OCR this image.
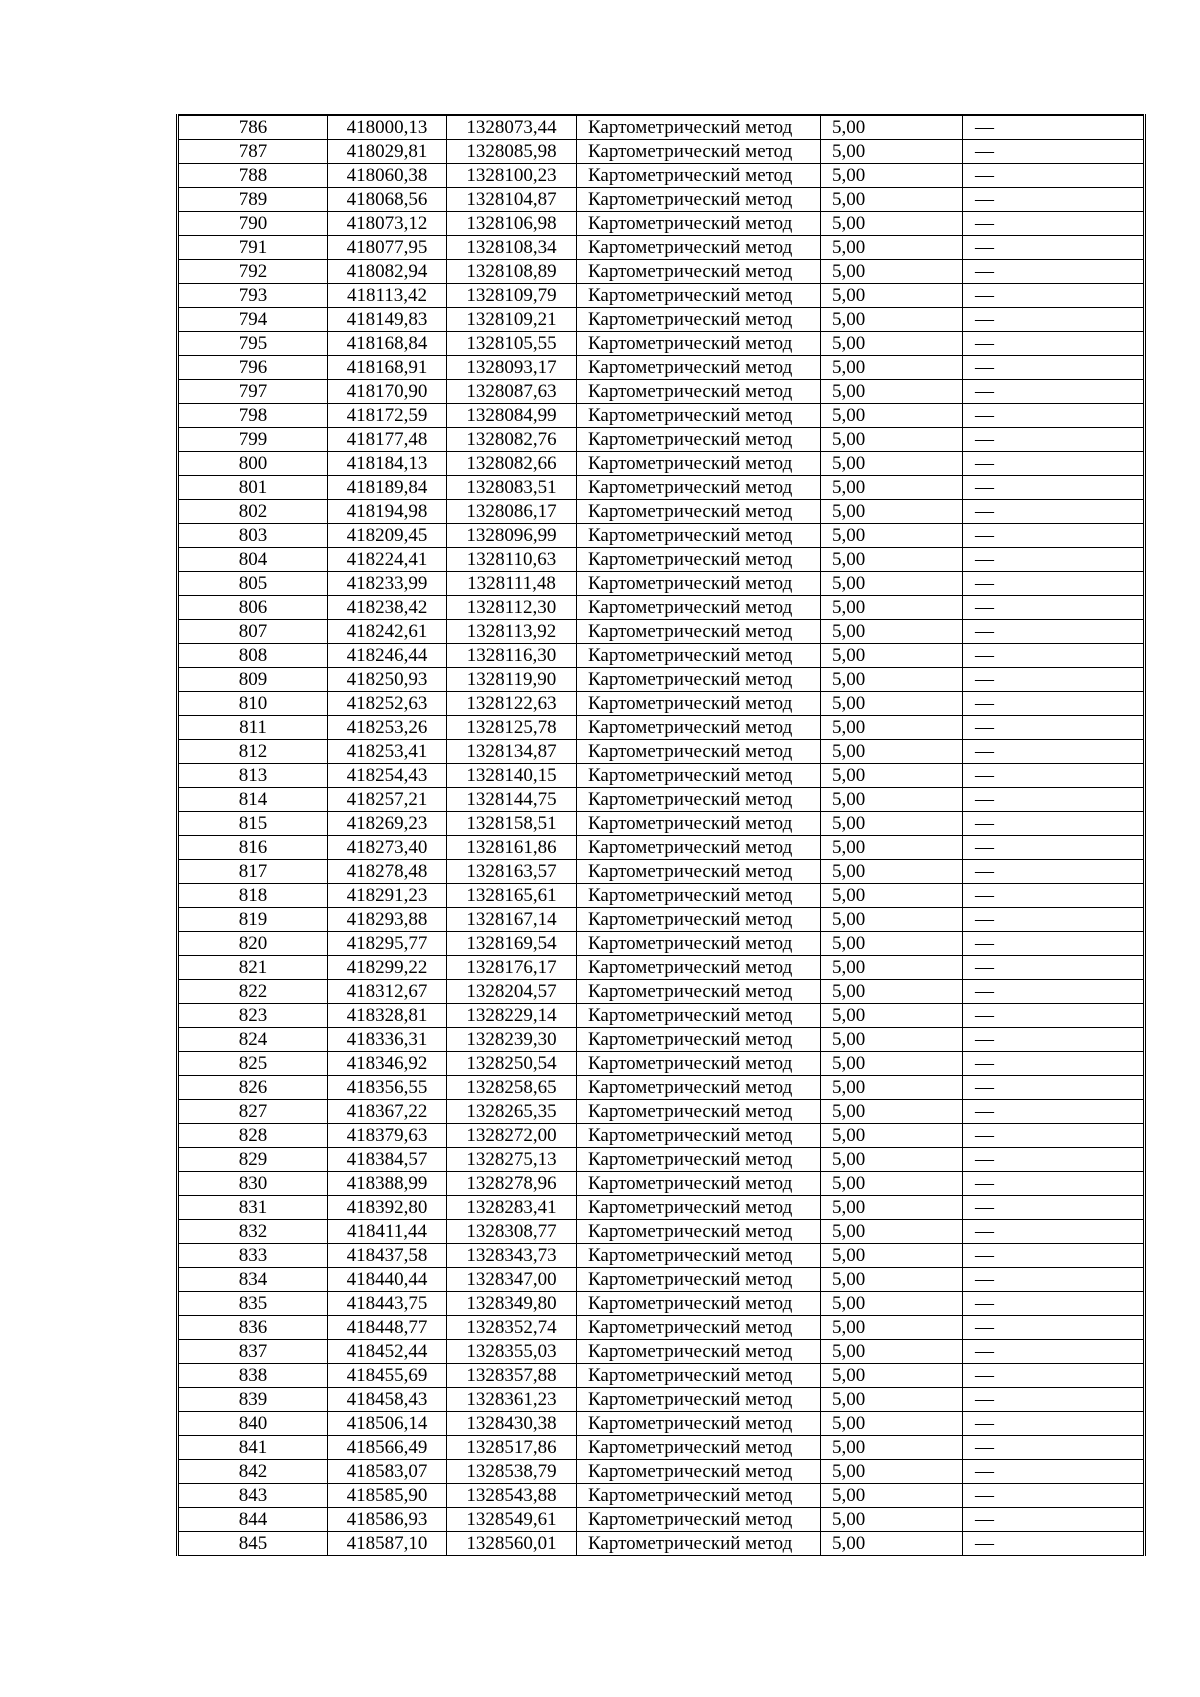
786	418000,13	1328073,44	Картометрический метод	5,00	—
787	418029,81	1328085,98	Картометрический метод	5,00	—
788	418060,38	1328100,23	Картометрический метод	5,00	—
789	418068,56	1328104,87	Картометрический метод	5,00	—
790	418073,12	1328106,98	Картометрический метод	5,00	—
791	418077,95	1328108,34	Картометрический метод	5,00	—
792	418082,94	1328108,89	Картометрический метод	5,00	—
793	418113,42	1328109,79	Картометрический метод	5,00	—
794	418149,83	1328109,21	Картометрический метод	5,00	—
795	418168,84	1328105,55	Картометрический метод	5,00	—
796	418168,91	1328093,17	Картометрический метод	5,00	—
797	418170,90	1328087,63	Картометрический метод	5,00	—
798	418172,59	1328084,99	Картометрический метод	5,00	—
799	418177,48	1328082,76	Картометрический метод	5,00	—
800	418184,13	1328082,66	Картометрический метод	5,00	—
801	418189,84	1328083,51	Картометрический метод	5,00	—
802	418194,98	1328086,17	Картометрический метод	5,00	—
803	418209,45	1328096,99	Картометрический метод	5,00	—
804	418224,41	1328110,63	Картометрический метод	5,00	—
805	418233,99	1328111,48	Картометрический метод	5,00	—
806	418238,42	1328112,30	Картометрический метод	5,00	—
807	418242,61	1328113,92	Картометрический метод	5,00	—
808	418246,44	1328116,30	Картометрический метод	5,00	—
809	418250,93	1328119,90	Картометрический метод	5,00	—
810	418252,63	1328122,63	Картометрический метод	5,00	—
811	418253,26	1328125,78	Картометрический метод	5,00	—
812	418253,41	1328134,87	Картометрический метод	5,00	—
813	418254,43	1328140,15	Картометрический метод	5,00	—
814	418257,21	1328144,75	Картометрический метод	5,00	—
815	418269,23	1328158,51	Картометрический метод	5,00	—
816	418273,40	1328161,86	Картометрический метод	5,00	—
817	418278,48	1328163,57	Картометрический метод	5,00	—
818	418291,23	1328165,61	Картометрический метод	5,00	—
819	418293,88	1328167,14	Картометрический метод	5,00	—
820	418295,77	1328169,54	Картометрический метод	5,00	—
821	418299,22	1328176,17	Картометрический метод	5,00	—
822	418312,67	1328204,57	Картометрический метод	5,00	—
823	418328,81	1328229,14	Картометрический метод	5,00	—
824	418336,31	1328239,30	Картометрический метод	5,00	—
825	418346,92	1328250,54	Картометрический метод	5,00	—
826	418356,55	1328258,65	Картометрический метод	5,00	—
827	418367,22	1328265,35	Картометрический метод	5,00	—
828	418379,63	1328272,00	Картометрический метод	5,00	—
829	418384,57	1328275,13	Картометрический метод	5,00	—
830	418388,99	1328278,96	Картометрический метод	5,00	—
831	418392,80	1328283,41	Картометрический метод	5,00	—
832	418411,44	1328308,77	Картометрический метод	5,00	—
833	418437,58	1328343,73	Картометрический метод	5,00	—
834	418440,44	1328347,00	Картометрический метод	5,00	—
835	418443,75	1328349,80	Картометрический метод	5,00	—
836	418448,77	1328352,74	Картометрический метод	5,00	—
837	418452,44	1328355,03	Картометрический метод	5,00	—
838	418455,69	1328357,88	Картометрический метод	5,00	—
839	418458,43	1328361,23	Картометрический метод	5,00	—
840	418506,14	1328430,38	Картометрический метод	5,00	—
841	418566,49	1328517,86	Картометрический метод	5,00	—
842	418583,07	1328538,79	Картометрический метод	5,00	—
843	418585,90	1328543,88	Картометрический метод	5,00	—
844	418586,93	1328549,61	Картометрический метод	5,00	—
845	418587,10	1328560,01	Картометрический метод	5,00	—
